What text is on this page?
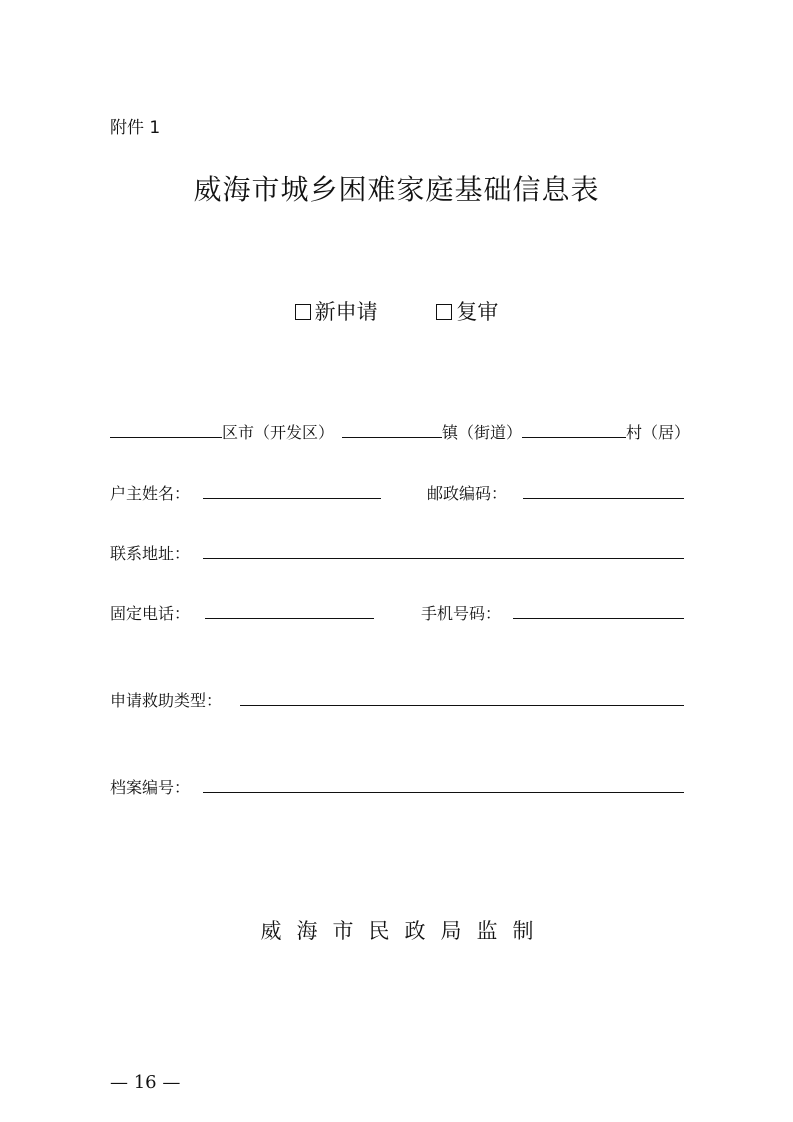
附件 1
威海市城乡困难家庭基础信息表
新申请	复审
区市（开发区）	镇（街道）	村（居）
户主姓名：	邮政编码：
联系地址：
固定电话：	手机号码：
申请救助类型：
档案编号：
威海市民政局监制
— 16 —
